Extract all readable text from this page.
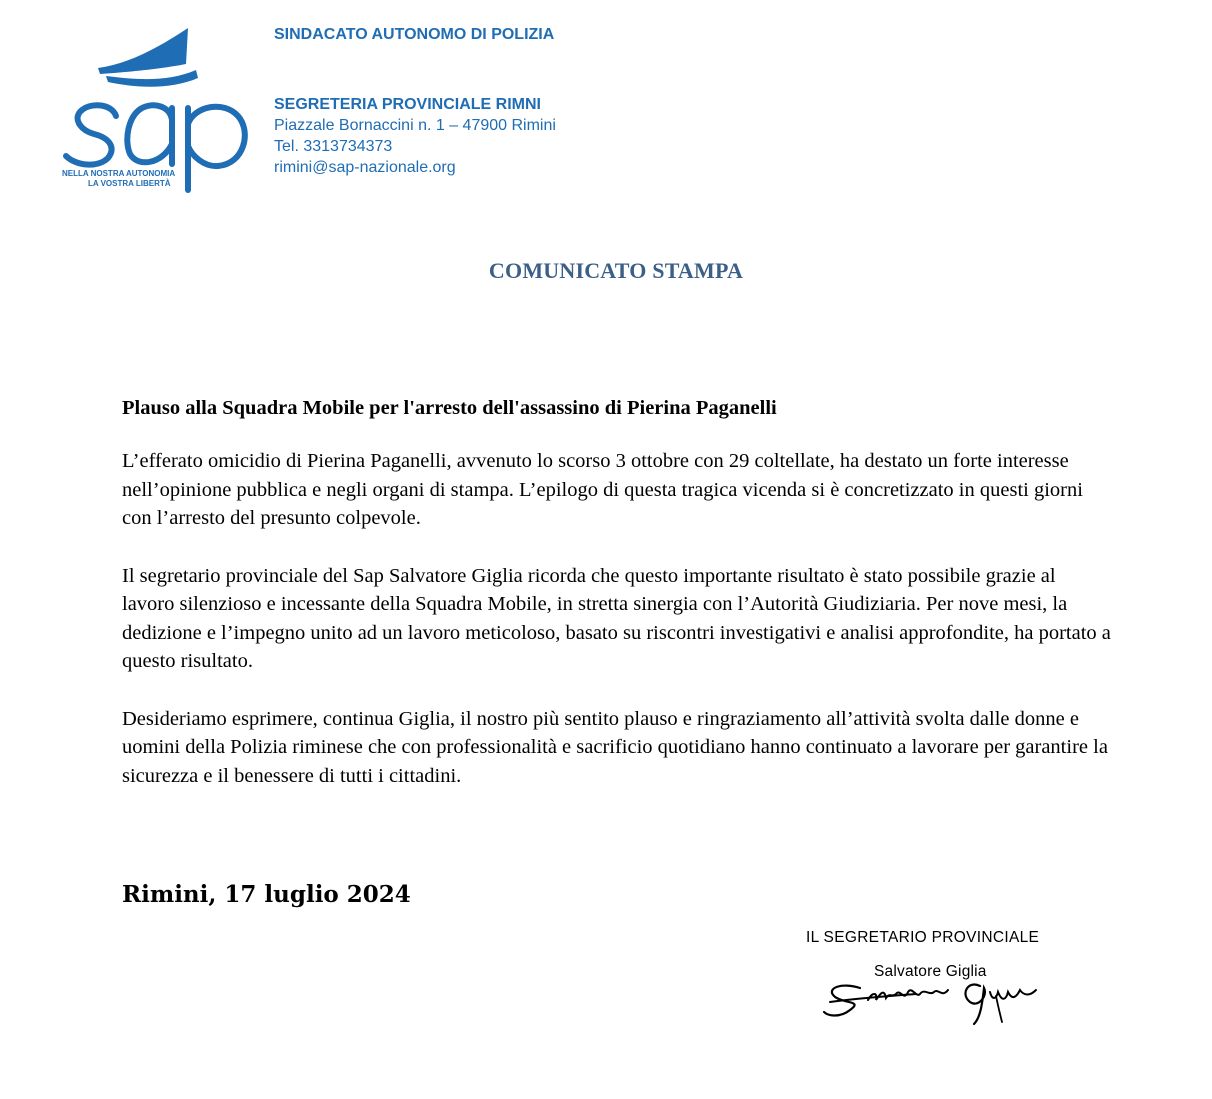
NELLA NOSTRA AUTONOMIA
LA VOSTRA LIBERTÀ
SINDACATO AUTONOMO DI POLIZIA
SEGRETERIA PROVINCIALE RIMNI
Piazzale Bornaccini n. 1 – 47900 Rimini
Tel. 3313734373
rimini@sap-nazionale.org
COMUNICATO STAMPA

Plauso alla Squadra Mobile per l'arresto dell'assassino di Pierina Paganelli

L’efferato omicidio di Pierina Paganelli, avvenuto lo scorso 3 ottobre con 29 coltellate, ha destato un forte interesse nell’opinione pubblica e negli organi di stampa. L’epilogo di questa tragica vicenda si è concretizzato in questi giorni con l’arresto del presunto colpevole.

Il segretario provinciale del Sap Salvatore Giglia ricorda che questo importante risultato è stato possibile grazie al lavoro silenzioso e incessante della Squadra Mobile, in stretta sinergia con l’Autorità Giudiziaria. Per nove mesi, la dedizione e l’impegno unito ad un lavoro meticoloso, basato su riscontri investigativi e analisi approfondite, ha portato a questo risultato.

Desideriamo esprimere, continua Giglia, il nostro più sentito plauso e ringraziamento all’attività svolta dalle donne e uomini della Polizia riminese che con professionalità e sacrificio quotidiano hanno continuato a lavorare per garantire la sicurezza e il benessere di tutti i cittadini.

Rimini, 17 luglio 2024
IL SEGRETARIO PROVINCIALE
Salvatore Giglia
